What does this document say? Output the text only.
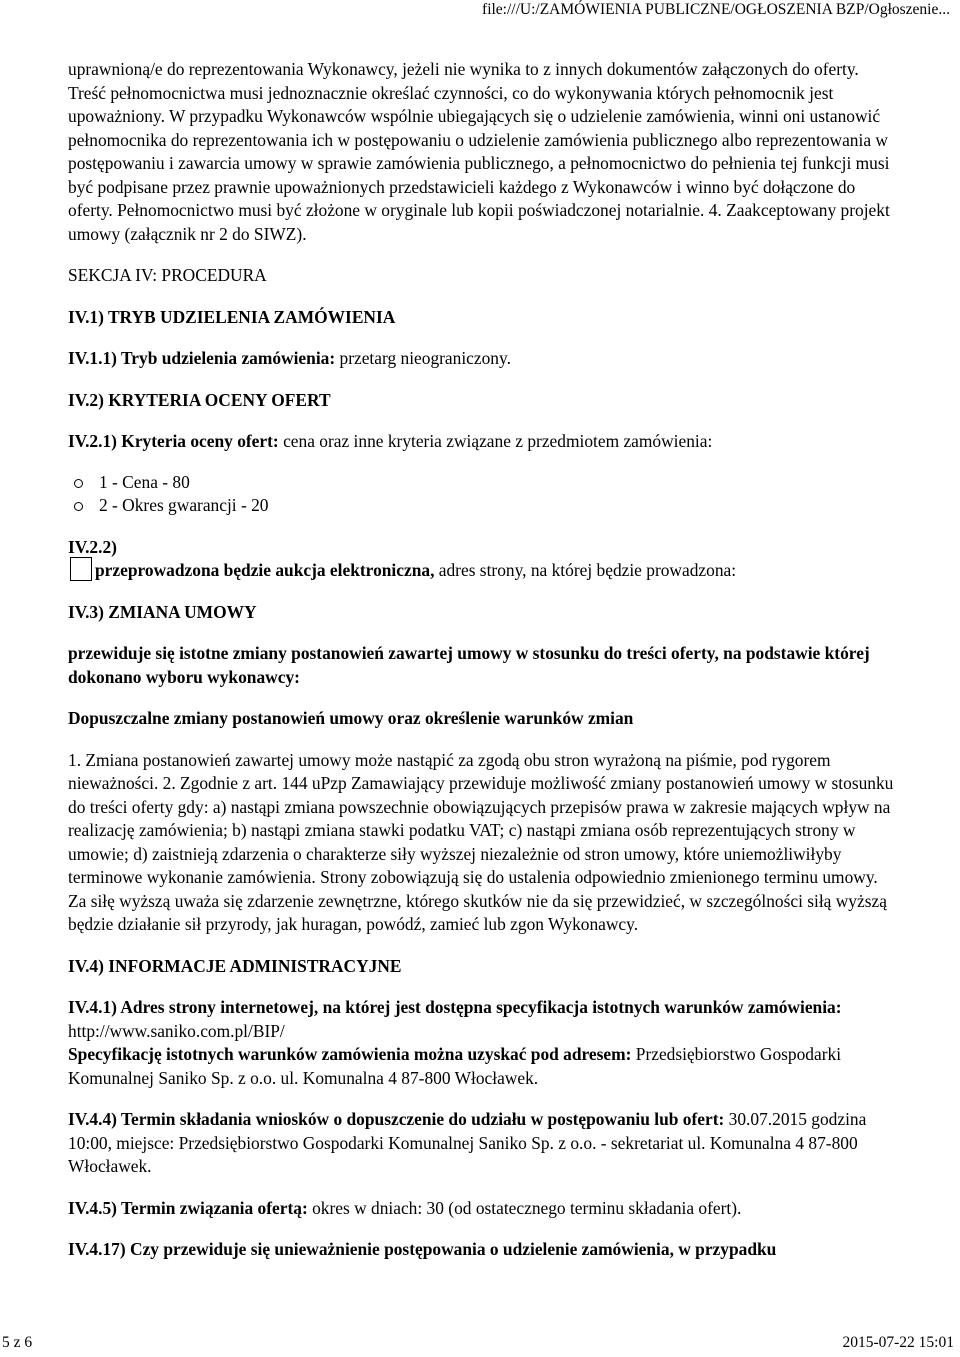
file:///U:/ZAMÓWIENIA PUBLICZNE/OGŁOSZENIA BZP/Ogłoszenie...

uprawnioną/e do reprezentowania Wykonawcy, jeżeli nie wynika to z innych dokumentów załączonych do oferty. Treść pełnomocnictwa musi jednoznacznie określać czynności, co do wykonywania których pełnomocnik jest upoważniony. W przypadku Wykonawców wspólnie ubiegających się o udzielenie zamówienia, winni oni ustanowić pełnomocnika do reprezentowania ich w postępowaniu o udzielenie zamówienia publicznego albo reprezentowania w postępowaniu i zawarcia umowy w sprawie zamówienia publicznego, a pełnomocnictwo do pełnienia tej funkcji musi być podpisane przez prawnie upoważnionych przedstawicieli każdego z Wykonawców i winno być dołączone do oferty. Pełnomocnictwo musi być złożone w oryginale lub kopii poświadczonej notarialnie. 4. Zaakceptowany projekt umowy (załącznik nr 2 do SIWZ).

SEKCJA IV: PROCEDURA

IV.1) TRYB UDZIELENIA ZAMÓWIENIA

IV.1.1) Tryb udzielenia zamówienia: przetarg nieograniczony.

IV.2) KRYTERIA OCENY OFERT

IV.2.1) Kryteria oceny ofert: cena oraz inne kryteria związane z przedmiotem zamówienia:

1 - Cena - 80
2 - Okres gwarancji - 20

IV.2.2)

przeprowadzona będzie aukcja elektroniczna, adres strony, na której będzie prowadzona:

IV.3) ZMIANA UMOWY

przewiduje się istotne zmiany postanowień zawartej umowy w stosunku do treści oferty, na podstawie której dokonano wyboru wykonawcy:

Dopuszczalne zmiany postanowień umowy oraz określenie warunków zmian

1. Zmiana postanowień zawartej umowy może nastąpić za zgodą obu stron wyrażoną na piśmie, pod rygorem nieważności. 2. Zgodnie z art. 144 uPzp Zamawiający przewiduje możliwość zmiany postanowień umowy w stosunku do treści oferty gdy: a) nastąpi zmiana powszechnie obowiązujących przepisów prawa w zakresie mających wpływ na realizację zamówienia; b) nastąpi zmiana stawki podatku VAT; c) nastąpi zmiana osób reprezentujących strony w umowie; d) zaistnieją zdarzenia o charakterze siły wyższej niezależnie od stron umowy, które uniemożliwiłyby terminowe wykonanie zamówienia. Strony zobowiązują się do ustalenia odpowiednio zmienionego terminu umowy. Za siłę wyższą uważa się zdarzenie zewnętrzne, którego skutków nie da się przewidzieć, w szczególności siłą wyższą będzie działanie sił przyrody, jak huragan, powódź, zamieć lub zgon Wykonawcy.

IV.4) INFORMACJE ADMINISTRACYJNE

IV.4.1) Adres strony internetowej, na której jest dostępna specyfikacja istotnych warunków zamówienia: http://www.saniko.com.pl/BIP/
Specyfikację istotnych warunków zamówienia można uzyskać pod adresem: Przedsiębiorstwo Gospodarki Komunalnej Saniko Sp. z o.o. ul. Komunalna 4 87-800 Włocławek.

IV.4.4) Termin składania wniosków o dopuszczenie do udziału w postępowaniu lub ofert: 30.07.2015 godzina 10:00, miejsce: Przedsiębiorstwo Gospodarki Komunalnej Saniko Sp. z o.o. - sekretariat ul. Komunalna 4 87-800 Włocławek.

IV.4.5) Termin związania ofertą: okres w dniach: 30 (od ostatecznego terminu składania ofert).

IV.4.17) Czy przewiduje się unieważnienie postępowania o udzielenie zamówienia, w przypadku

5 z 6	2015-07-22 15:01
